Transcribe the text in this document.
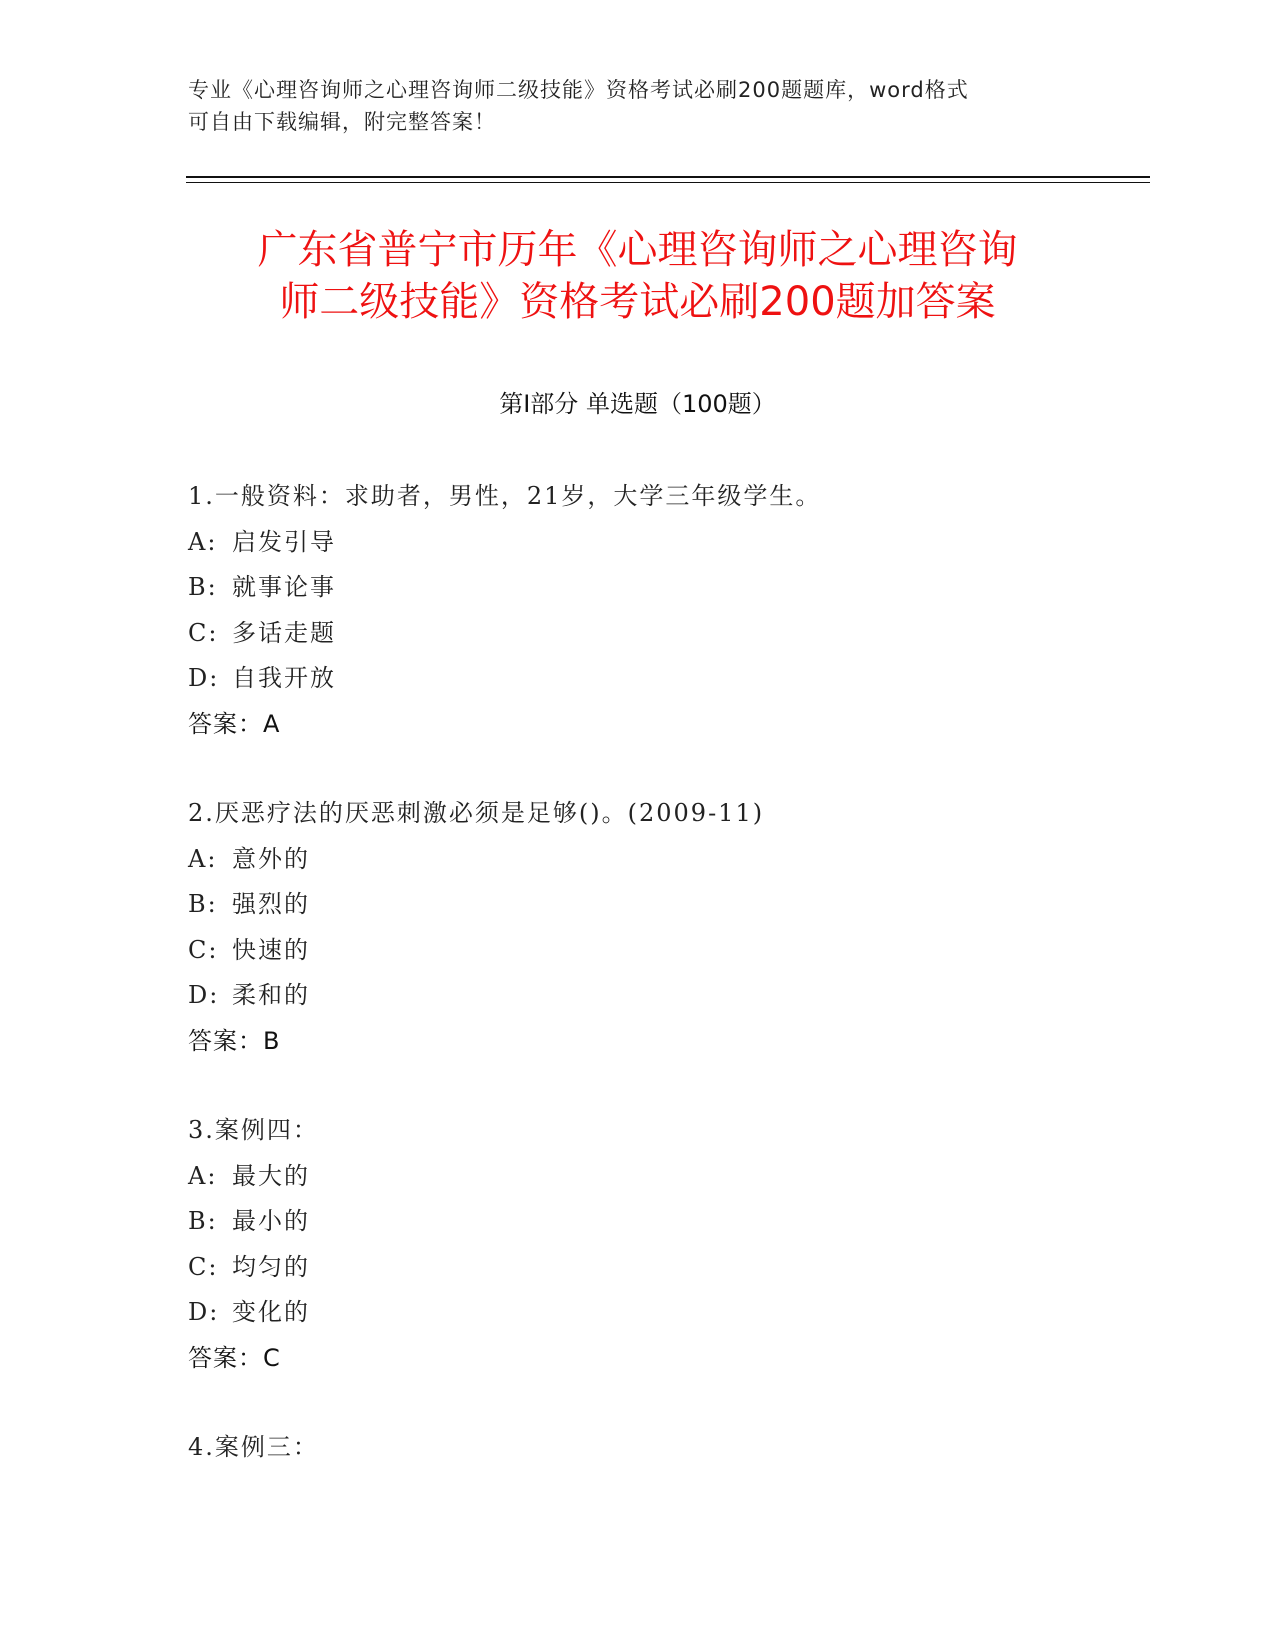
专业《心理咨询师之心理咨询师二级技能》资格考试必刷200题题库，word格式
可自由下载编辑，附完整答案！
广东省普宁市历年《心理咨询师之心理咨询
师二级技能》资格考试必刷200题加答案
第Ⅰ部分 单选题（100题）
1.一般资料：求助者，男性，21岁，大学三年级学生。
A: 启发引导
B: 就事论事
C: 多话走题
D: 自我开放
答案：A
2.厌恶疗法的厌恶刺激必须是足够()。(2009-11)
A: 意外的
B: 强烈的
C: 快速的
D: 柔和的
答案：B
3.案例四：
A: 最大的
B: 最小的
C: 均匀的
D: 变化的
答案：C
4.案例三：
